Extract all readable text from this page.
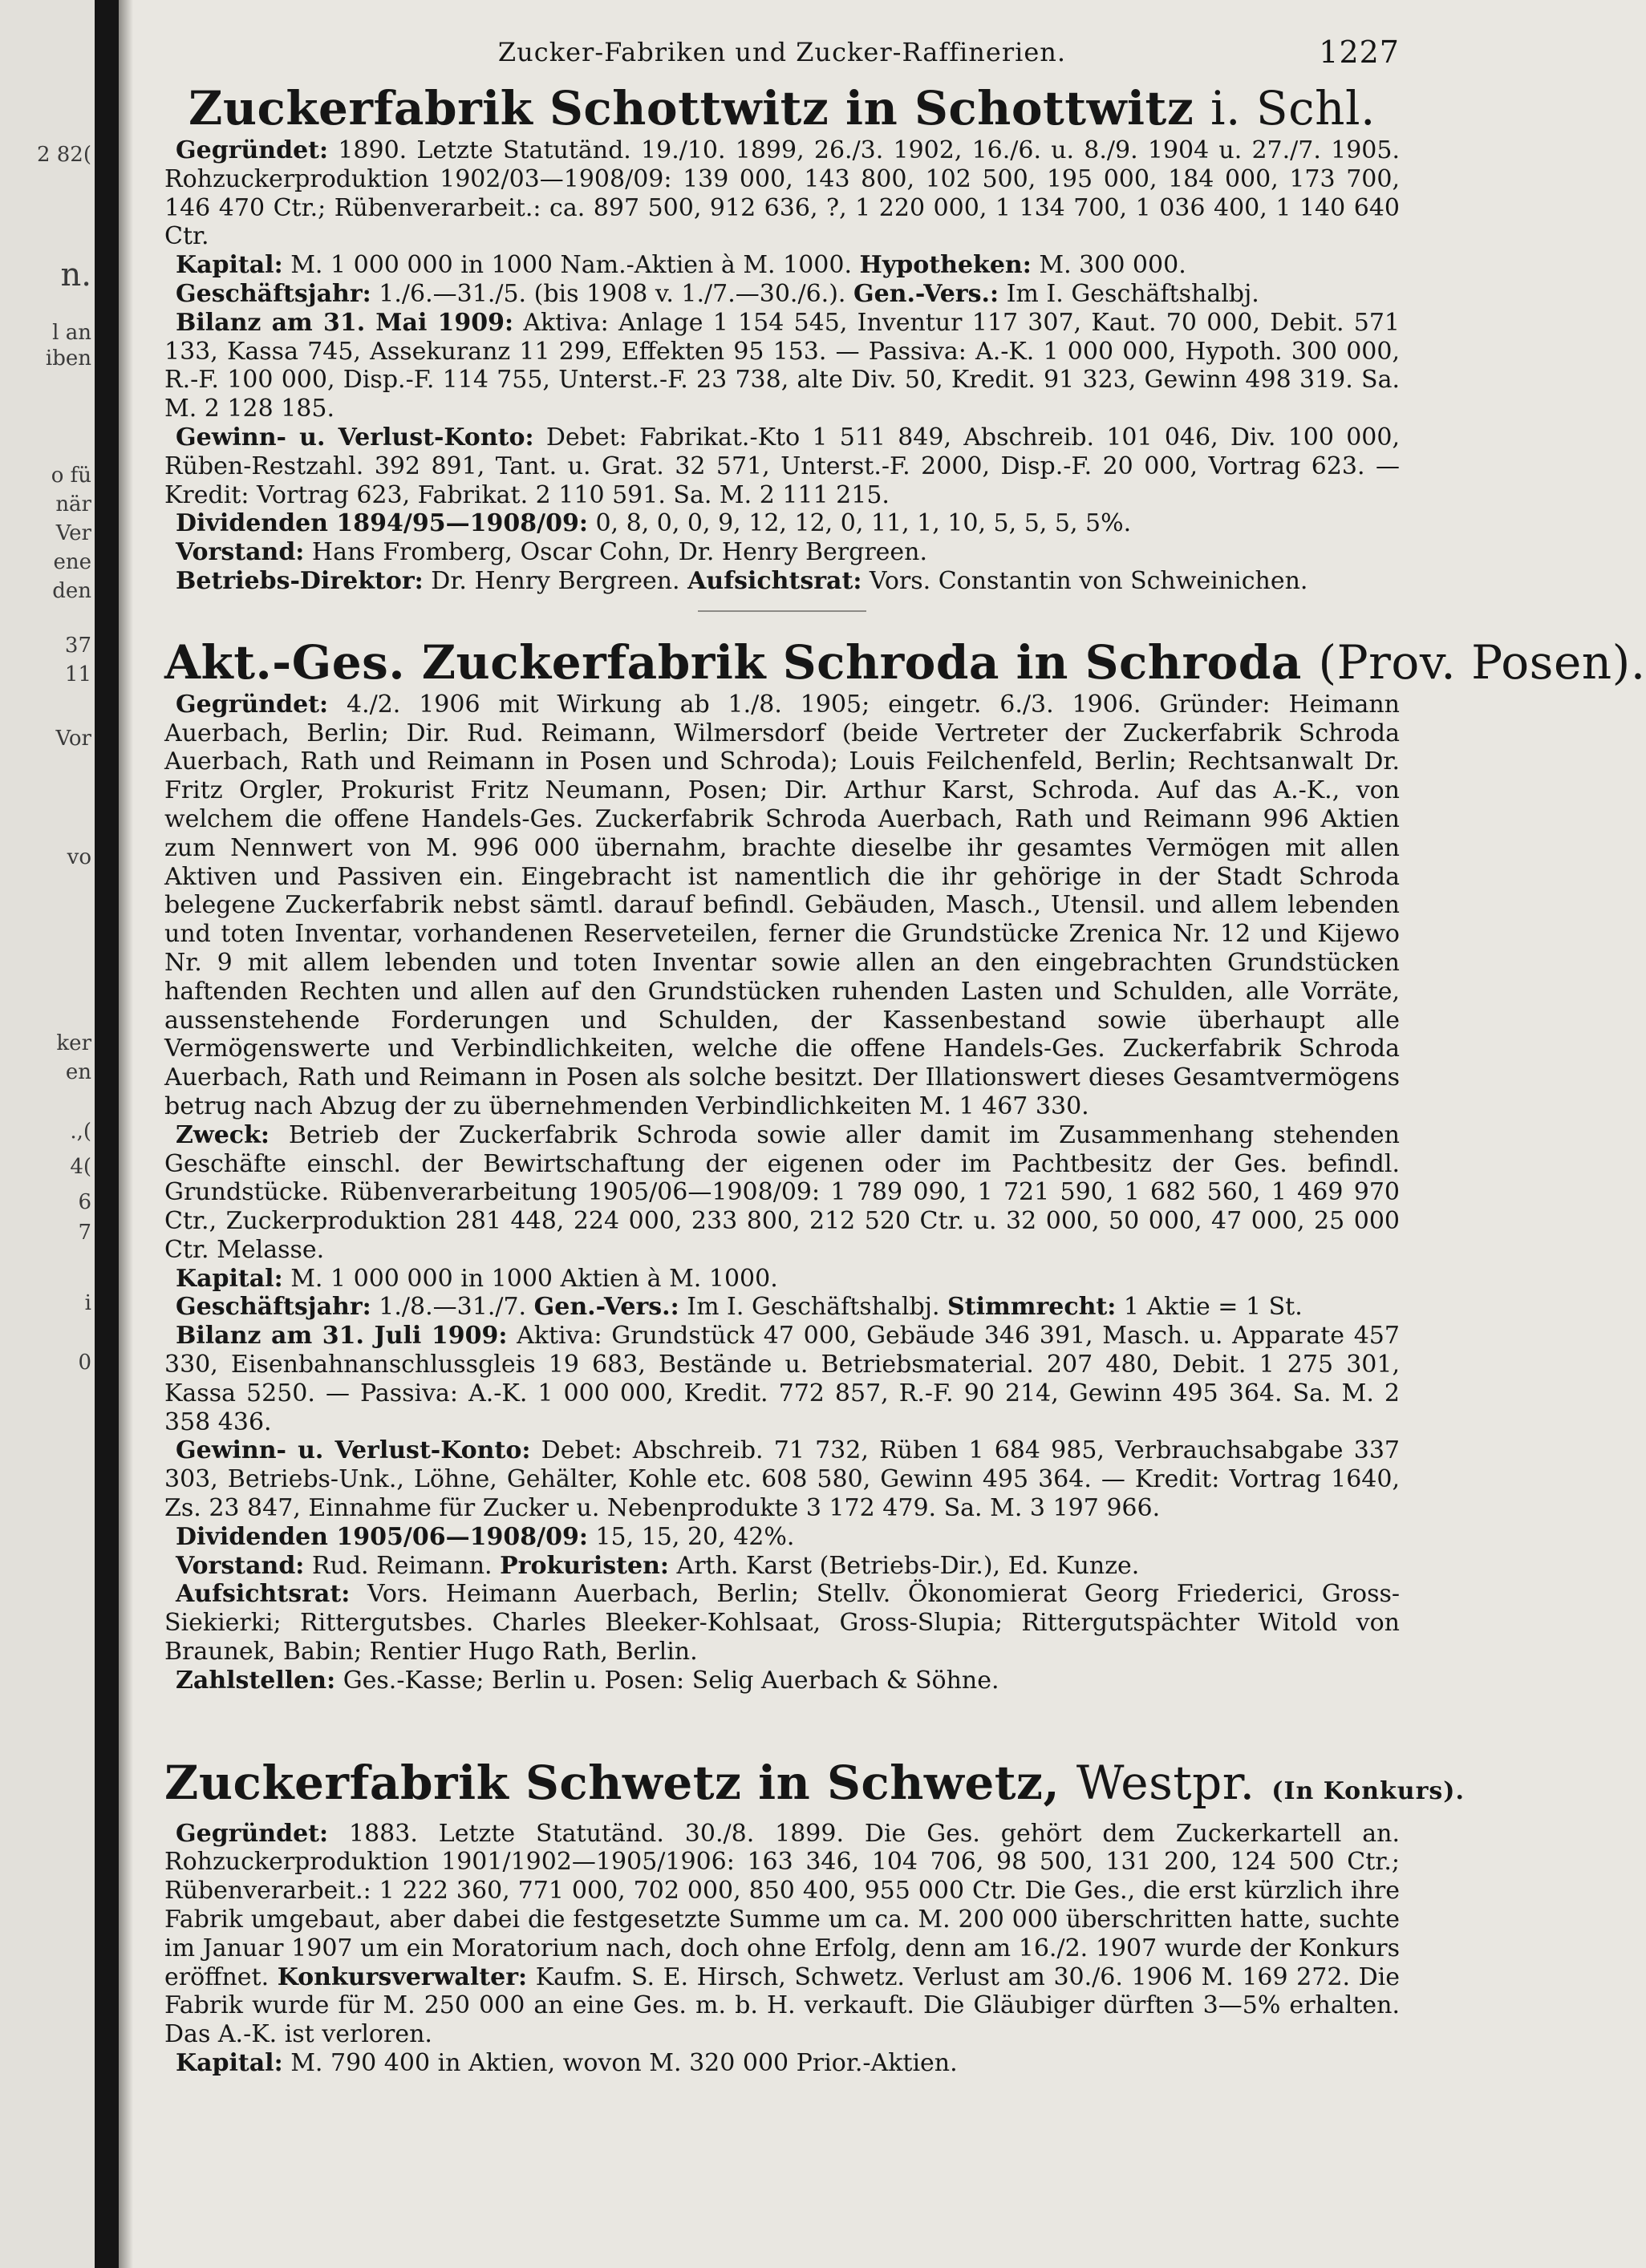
2 82(
n.
l an
iben
o fü
när
Ver
ene
den
37
11
Vor
vo
ker
en
.,(
4(
6
7
i
0
Zucker-Fabriken und Zucker-Raffinerien.	1227
Zuckerfabrik Schottwitz in Schottwitz i. Schl.

Gegründet: 1890. Letzte Statutänd. 19./10. 1899, 26./3. 1902, 16./6. u. 8./9. 1904 u. 27./7. 1905. Rohzuckerproduktion 1902/03—1908/09: 139 000, 143 800, 102 500, 195 000, 184 000, 173 700, 146 470 Ctr.; Rübenverarbeit.: ca. 897 500, 912 636, ?, 1 220 000, 1 134 700, 1 036 400, 1 140 640 Ctr.

Kapital: M. 1 000 000 in 1000 Nam.-Aktien à M. 1000. Hypotheken: M. 300 000.

Geschäftsjahr: 1./6.—31./5. (bis 1908 v. 1./7.—30./6.). Gen.-Vers.: Im I. Geschäftshalbj.

Bilanz am 31. Mai 1909: Aktiva: Anlage 1 154 545, Inventur 117 307, Kaut. 70 000, Debit. 571 133, Kassa 745, Assekuranz 11 299, Effekten 95 153. — Passiva: A.-K. 1 000 000, Hypoth. 300 000, R.-F. 100 000, Disp.-F. 114 755, Unterst.-F. 23 738, alte Div. 50, Kredit. 91 323, Gewinn 498 319. Sa. M. 2 128 185.

Gewinn- u. Verlust-Konto: Debet: Fabrikat.-Kto 1 511 849, Abschreib. 101 046, Div. 100 000, Rüben-Restzahl. 392 891, Tant. u. Grat. 32 571, Unterst.-F. 2000, Disp.-F. 20 000, Vortrag 623. — Kredit: Vortrag 623, Fabrikat. 2 110 591. Sa. M. 2 111 215.

Dividenden 1894/95—1908/09: 0, 8, 0, 0, 9, 12, 12, 0, 11, 1, 10, 5, 5, 5, 5%.

Vorstand: Hans Fromberg, Oscar Cohn, Dr. Henry Bergreen.

Betriebs-Direktor: Dr. Henry Bergreen. Aufsichtsrat: Vors. Constantin von Schweinichen.

Akt.-Ges. Zuckerfabrik Schroda in Schroda (Prov. Posen).

Gegründet: 4./2. 1906 mit Wirkung ab 1./8. 1905; eingetr. 6./3. 1906. Gründer: Heimann Auerbach, Berlin; Dir. Rud. Reimann, Wilmersdorf (beide Vertreter der Zuckerfabrik Schroda Auerbach, Rath und Reimann in Posen und Schroda); Louis Feilchenfeld, Berlin; Rechtsanwalt Dr. Fritz Orgler, Prokurist Fritz Neumann, Posen; Dir. Arthur Karst, Schroda. Auf das A.-K., von welchem die offene Handels-Ges. Zuckerfabrik Schroda Auerbach, Rath und Reimann 996 Aktien zum Nennwert von M. 996 000 übernahm, brachte dieselbe ihr gesamtes Vermögen mit allen Aktiven und Passiven ein. Eingebracht ist namentlich die ihr gehörige in der Stadt Schroda belegene Zuckerfabrik nebst sämtl. darauf befindl. Gebäuden, Masch., Utensil. und allem lebenden und toten Inventar, vorhandenen Reserveteilen, ferner die Grundstücke Zrenica Nr. 12 und Kijewo Nr. 9 mit allem lebenden und toten Inventar sowie allen an den eingebrachten Grundstücken haftenden Rechten und allen auf den Grundstücken ruhenden Lasten und Schulden, alle Vorräte, aussenstehende Forderungen und Schulden, der Kassenbestand sowie überhaupt alle Vermögenswerte und Verbindlichkeiten, welche die offene Handels-Ges. Zuckerfabrik Schroda Auerbach, Rath und Reimann in Posen als solche besitzt. Der Illationswert dieses Gesamtvermögens betrug nach Abzug der zu übernehmenden Verbindlichkeiten M. 1 467 330.

Zweck: Betrieb der Zuckerfabrik Schroda sowie aller damit im Zusammenhang stehenden Geschäfte einschl. der Bewirtschaftung der eigenen oder im Pachtbesitz der Ges. befindl. Grundstücke. Rübenverarbeitung 1905/06—1908/09: 1 789 090, 1 721 590, 1 682 560, 1 469 970 Ctr., Zuckerproduktion 281 448, 224 000, 233 800, 212 520 Ctr. u. 32 000, 50 000, 47 000, 25 000 Ctr. Melasse.

Kapital: M. 1 000 000 in 1000 Aktien à M. 1000.

Geschäftsjahr: 1./8.—31./7. Gen.-Vers.: Im I. Geschäftshalbj. Stimmrecht: 1 Aktie = 1 St.

Bilanz am 31. Juli 1909: Aktiva: Grundstück 47 000, Gebäude 346 391, Masch. u. Apparate 457 330, Eisenbahnanschlussgleis 19 683, Bestände u. Betriebsmaterial. 207 480, Debit. 1 275 301, Kassa 5250. — Passiva: A.-K. 1 000 000, Kredit. 772 857, R.-F. 90 214, Gewinn 495 364. Sa. M. 2 358 436.

Gewinn- u. Verlust-Konto: Debet: Abschreib. 71 732, Rüben 1 684 985, Verbrauchsabgabe 337 303, Betriebs-Unk., Löhne, Gehälter, Kohle etc. 608 580, Gewinn 495 364. — Kredit: Vortrag 1640, Zs. 23 847, Einnahme für Zucker u. Nebenprodukte 3 172 479. Sa. M. 3 197 966.

Dividenden 1905/06—1908/09: 15, 15, 20, 42%.

Vorstand: Rud. Reimann. Prokuristen: Arth. Karst (Betriebs-Dir.), Ed. Kunze.

Aufsichtsrat: Vors. Heimann Auerbach, Berlin; Stellv. Ökonomierat Georg Friederici, Gross-Siekierki; Rittergutsbes. Charles Bleeker-Kohlsaat, Gross-Slupia; Rittergutspächter Witold von Braunek, Babin; Rentier Hugo Rath, Berlin.

Zahlstellen: Ges.-Kasse; Berlin u. Posen: Selig Auerbach & Söhne.

Zuckerfabrik Schwetz in Schwetz, Westpr. (In Konkurs).

Gegründet: 1883. Letzte Statutänd. 30./8. 1899. Die Ges. gehört dem Zuckerkartell an. Rohzuckerproduktion 1901/1902—1905/1906: 163 346, 104 706, 98 500, 131 200, 124 500 Ctr.; Rübenverarbeit.: 1 222 360, 771 000, 702 000, 850 400, 955 000 Ctr. Die Ges., die erst kürzlich ihre Fabrik umgebaut, aber dabei die festgesetzte Summe um ca. M. 200 000 überschritten hatte, suchte im Januar 1907 um ein Moratorium nach, doch ohne Erfolg, denn am 16./2. 1907 wurde der Konkurs eröffnet. Konkursverwalter: Kaufm. S. E. Hirsch, Schwetz. Verlust am 30./6. 1906 M. 169 272. Die Fabrik wurde für M. 250 000 an eine Ges. m. b. H. verkauft. Die Gläubiger dürften 3—5% erhalten. Das A.-K. ist verloren.

Kapital: M. 790 400 in Aktien, wovon M. 320 000 Prior.-Aktien.
